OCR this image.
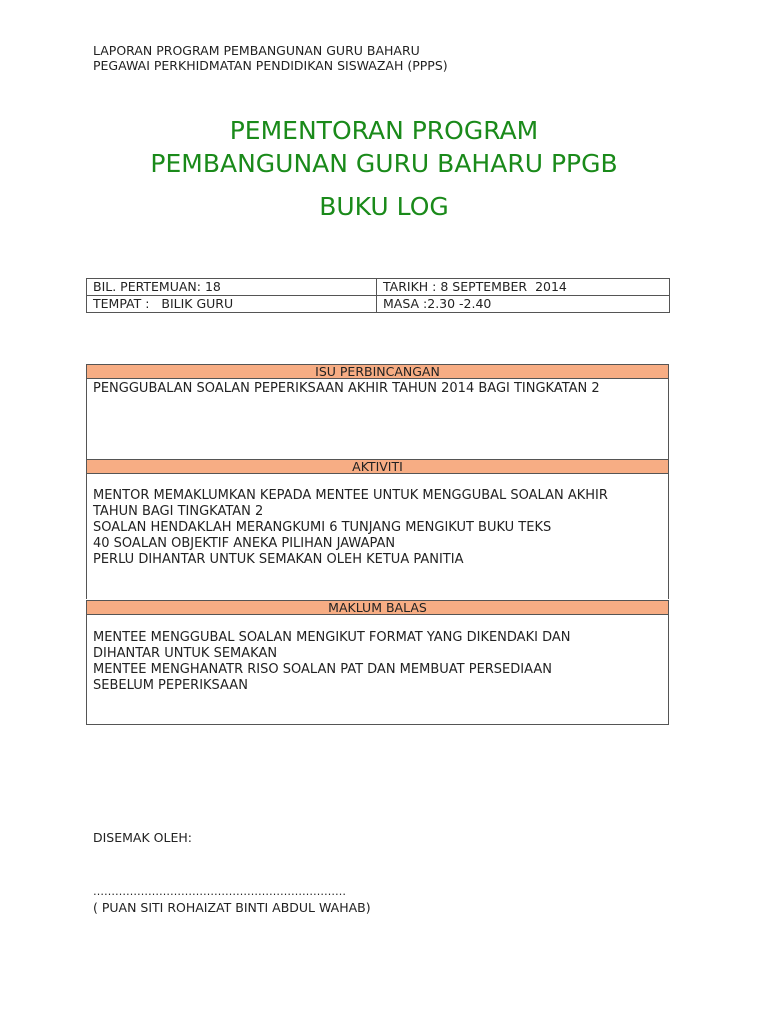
LAPORAN PROGRAM PEMBANGUNAN GURU BAHARU
PEGAWAI PERKHIDMATAN PENDIDIKAN SISWAZAH (PPPS)
PEMENTORAN PROGRAM
PEMBANGUNAN GURU BAHARU PPGB
BUKU LOG
BIL. PERTEMUAN: 18	TARIKH : 8 SEPTEMBER  2014
TEMPAT :   BILIK GURU	MASA :2.30 -2.40
ISU PERBINCANGAN
PENGGUBALAN SOALAN PEPERIKSAAN AKHIR TAHUN 2014 BAGI TINGKATAN 2
AKTIVITI
MENTOR MEMAKLUMKAN KEPADA MENTEE UNTUK MENGGUBAL SOALAN AKHIR
TAHUN BAGI TINGKATAN 2
SOALAN HENDAKLAH MERANGKUMI 6 TUNJANG MENGIKUT BUKU TEKS
40 SOALAN OBJEKTIF ANEKA PILIHAN JAWAPAN
PERLU DIHANTAR UNTUK SEMAKAN OLEH KETUA PANITIA
MAKLUM BALAS
MENTEE MENGGUBAL SOALAN MENGIKUT FORMAT YANG DIKENDAKI DAN
DIHANTAR UNTUK SEMAKAN
MENTEE MENGHANATR RISO SOALAN PAT DAN MEMBUAT PERSEDIAAN
SEBELUM PEPERIKSAAN
DISEMAK OLEH:
……………………………………………………………
( PUAN SITI ROHAIZAT BINTI ABDUL WAHAB)
